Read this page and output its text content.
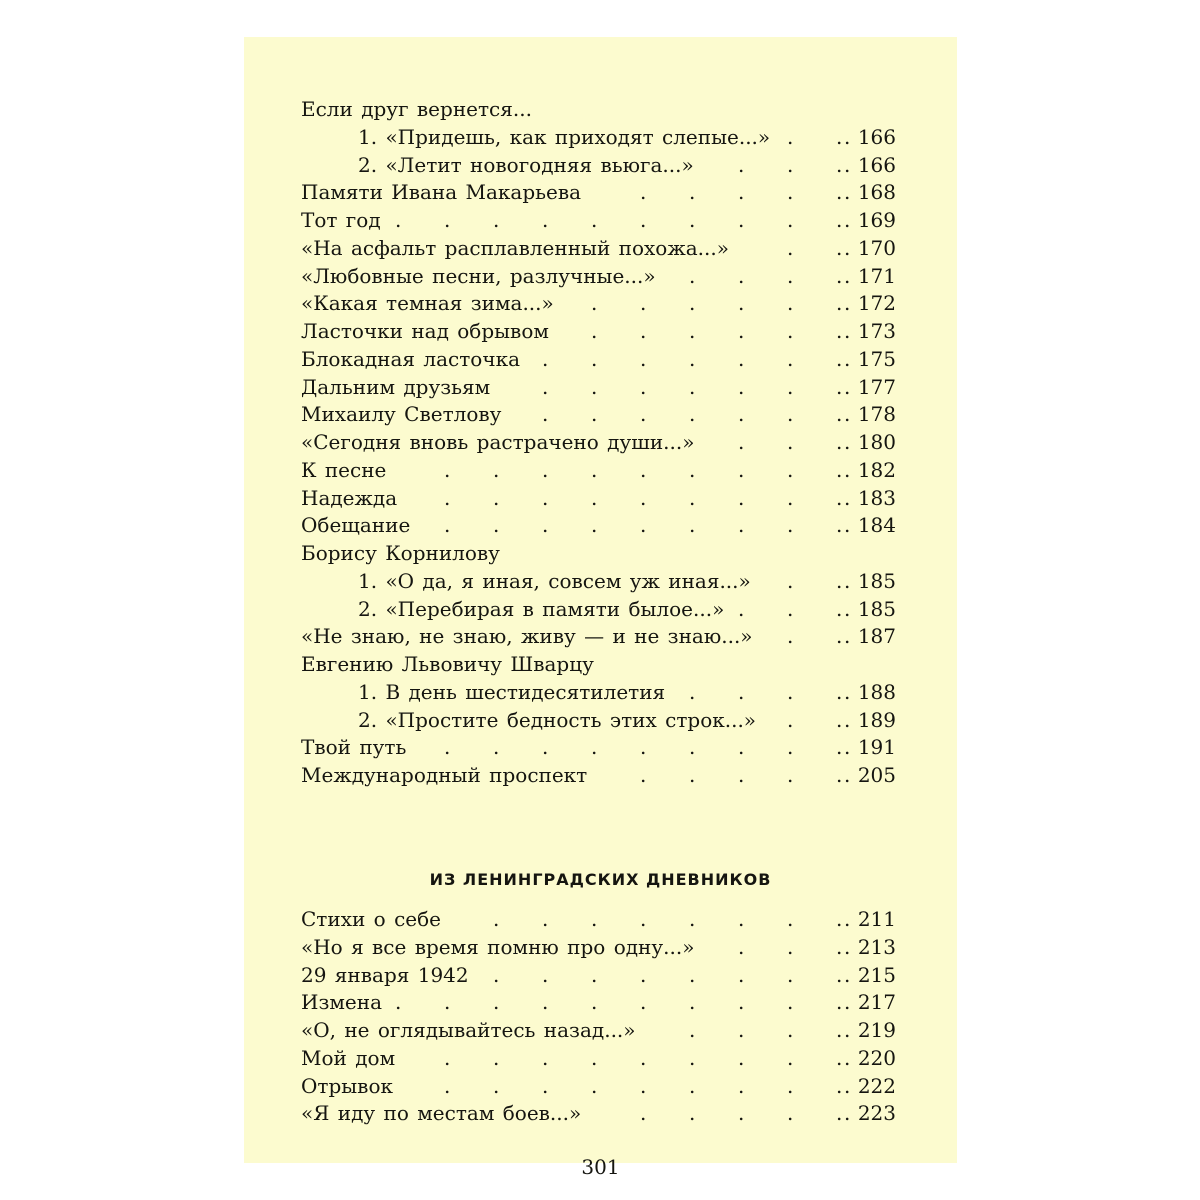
Если друг вернется...
1. «Придешь, как приходят слепые...»	166
.
.	.
2. «Летит новогодняя вьюга...»	166
.
.
.	.
Памяти Ивана Макарьева	168
.
.
.
.
.	.
Тот год	169
.
.
.
.
.
.
.
.
.
.	.
«На асфальт расплавленный похожа...»	170
.
.	.
«Любовные песни, разлучные...»	171
.
.
.
.	.
«Какая темная зима...»	172
.
.
.
.
.
.	.
Ласточки над обрывом	173
.
.
.
.
.
.	.
Блокадная ласточка	175
.
.
.
.
.
.
.	.
Дальним друзьям	177
.
.
.
.
.
.
.	.
Михаилу Светлову	178
.
.
.
.
.
.
.	.
«Сегодня вновь растрачено души...»	180
.
.
.	.
К песне	182
.
.
.
.
.
.
.
.
.	.
Надежда	183
.
.
.
.
.
.
.
.
.	.
Обещание	184
.
.
.
.
.
.
.
.
.	.
Борису Корнилову
1. «О да, я иная, совсем уж иная...»	185
.
.	.
2. «Перебирая в памяти былое...»	185
.
.
.	.
«Не знаю, не знаю, живу — и не знаю...»	187
.
.	.
Евгению Львовичу Шварцу
1. В день шестидесятилетия	188
.
.
.
.	.
2. «Простите бедность этих строк...»	189
.
.	.
Твой путь	191
.
.
.
.
.
.
.
.
.	.
Международный проспект	205
.
.
.
.
.	.
Стихи о себе	211
.
.
.
.
.
.
.
.	.
«Но я все время помню про одну...»	213
.
.
.	.
29 января 1942	215
.
.
.
.
.
.
.
.	.
Измена	217
.
.
.
.
.
.
.
.
.
.	.
«О, не оглядывайтесь назад...»	219
.
.
.
.	.
Мой дом	220
.
.
.
.
.
.
.
.
.	.
Отрывок	222
.
.
.
.
.
.
.
.
.	.
«Я иду по местам боев...»	223
.
.
.
.
.	.
ИЗ ЛЕНИНГРАДСКИХ ДНЕВНИКОВ
301
